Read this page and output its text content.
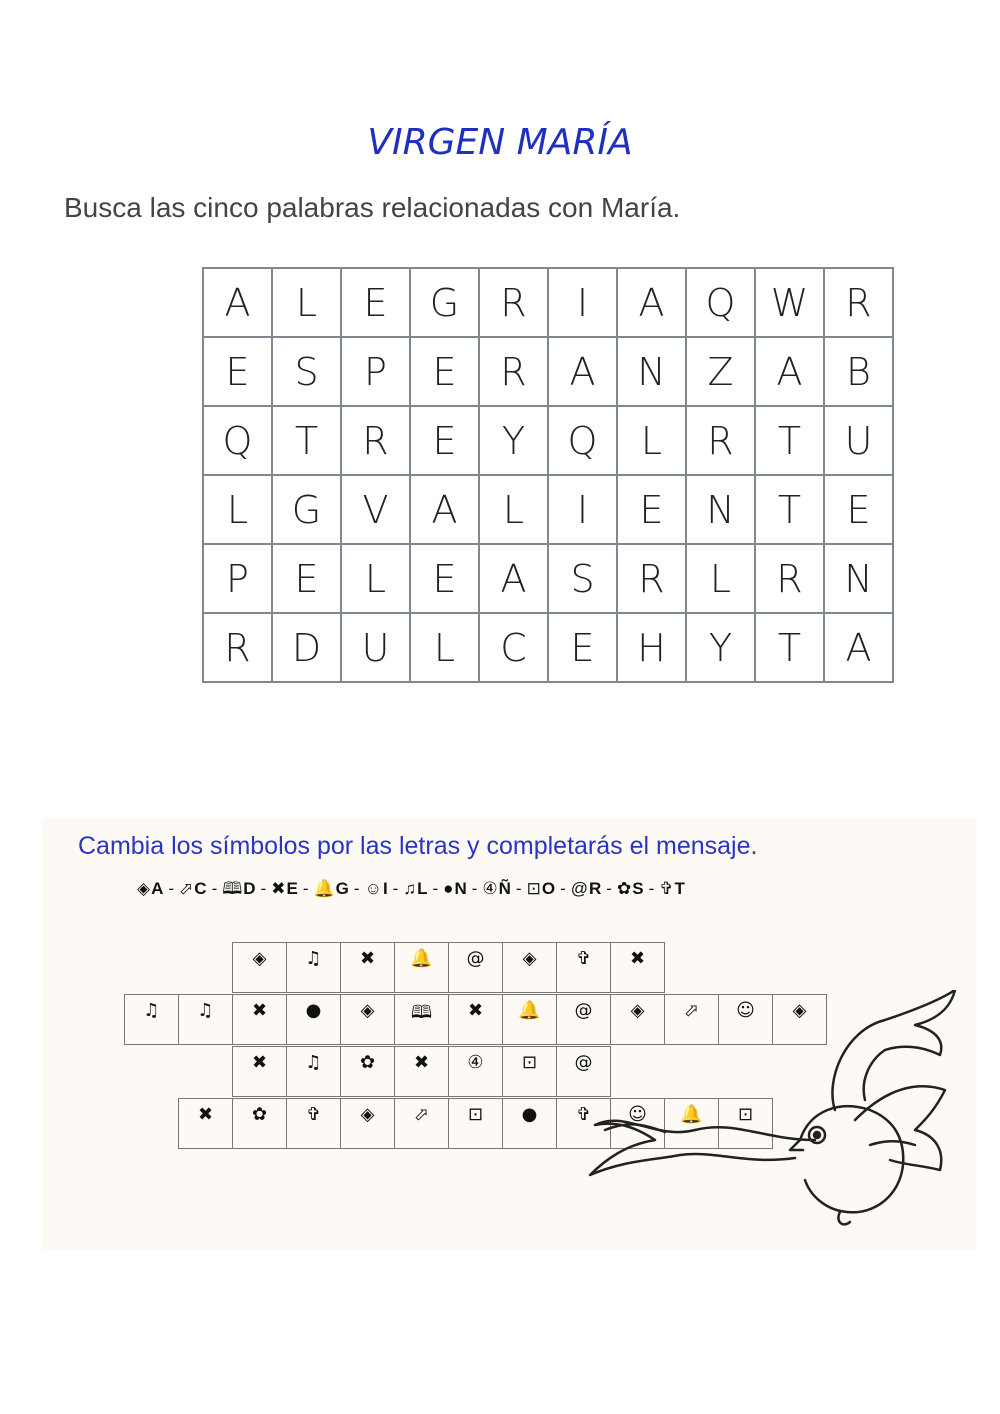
VIRGEN MARÍA
Busca las cinco palabras relacionadas con María.
A	L	E	G	R	I	A	Q	W	R
E	S	P	E	R	A	N	Z	A	B
Q	T	R	E	Y	Q	L	R	T	U
L	G	V	A	L	I	E	N	T	E
P	E	L	E	A	S	R	L	R	N
R	D	U	L	C	E	H	Y	T	A
Cambia los símbolos por las letras y completarás el mensaje.
◈A - ⬀C - 🕮D - ✖E - 🔔G - ☺I - ♫L - ●N - ④Ñ - ⊡O - @R - ✿S - ✞T
◈	♫	✖	🔔	@	◈	✞	✖
♫	♫	✖	●	◈	🕮	✖	🔔	@	◈	⬀	☺	◈
✖	♫	✿	✖	④	⊡	@
✖	✿	✞	◈	⬀	⊡	●	✞	☺	🔔	⊡
